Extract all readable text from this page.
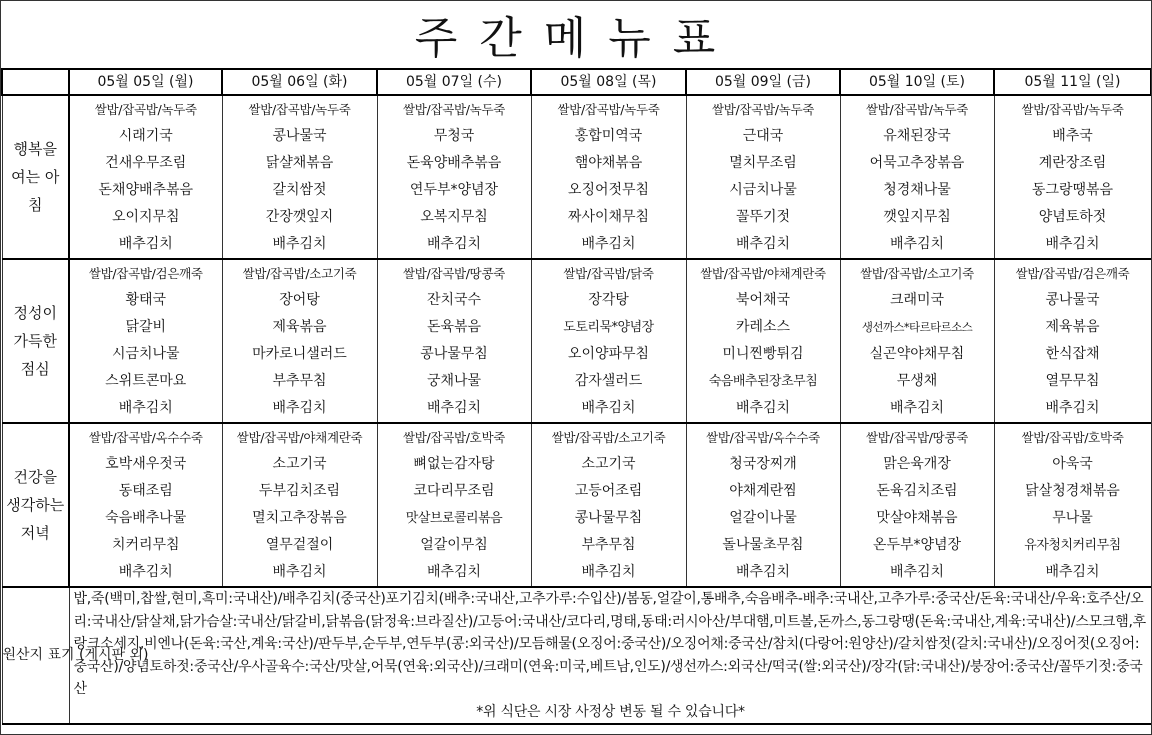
주간메뉴표
	05월 05일 (월)	05월 06일 (화)	05월 07일 (수)	05월 08일 (목)	05월 09일 (금)	05월 10일 (토)	05월 11일 (일)
행복을 여는 아침	쌀밥/잡곡밥/녹두죽	쌀밥/잡곡밥/녹두죽	쌀밥/잡곡밥/녹두죽	쌀밥/잡곡밥/녹두죽	쌀밥/잡곡밥/녹두죽	쌀밥/잡곡밥/녹두죽	쌀밥/잡곡밥/녹두죽
	시래기국	콩나물국	무청국	홍합미역국	근대국	유채된장국	배추국
	건새우무조림	닭샬채볶음	돈육양배추볶음	햄야채볶음	멸치무조림	어묵고추장볶음	계란장조림
	돈채양배추볶음	갈치쌈젓	연두부*양념장	오징어젓무침	시금치나물	청경채나물	동그랑땡볶음
	오이지무침	간장깻잎지	오복지무침	짜사이채무침	꼴뚜기젓	깻잎지무침	양념토하젓
	배추김치	배추김치	배추김치	배추김치	배추김치	배추김치	배추김치
정성이 가득한 점심	쌀밥/잡곡밥/검은깨죽	쌀밥/잡곡밥/소고기죽	쌀밥/잡곡밥/땅콩죽	쌀밥/잡곡밥/닭죽	쌀밥/잡곡밥/야채계란죽	쌀밥/잡곡밥/소고기죽	쌀밥/잡곡밥/검은깨죽
	황태국	장어탕	잔치국수	장각탕	북어채국	크래미국	콩나물국
	닭갈비	제육볶음	돈육볶음	도토리묵*양념장	카레소스	생선까스*타르타르소스	제육볶음
	시금치나물	마카로니샐러드	콩나물무침	오이양파무침	미니찐빵튀김	실곤약야채무침	한식잡채
	스위트콘마요	부추무침	궁채나물	감자샐러드	숙음배추된장초무침	무생채	열무무침
	배추김치	배추김치	배추김치	배추김치	배추김치	배추김치	배추김치
건강을 생각하는 저녁	쌀밥/잡곡밥/옥수수죽	쌀밥/잡곡밥/야채계란죽	쌀밥/잡곡밥/호박죽	쌀밥/잡곡밥/소고기죽	쌀밥/잡곡밥/옥수수죽	쌀밥/잡곡밥/땅콩죽	쌀밥/잡곡밥/호박죽
	호박새우젓국	소고기국	뼈없는감자탕	소고기국	청국장찌개	맑은육개장	아욱국
	동태조림	두부김치조림	코다리무조림	고등어조림	야채계란찜	돈육김치조림	닭살청경채볶음
	숙음배추나물	멸치고추장볶음	맛살브로콜리볶음	콩나물무침	얼갈이나물	맛살야채볶음	무나물
	치커리무침	열무겉절이	얼갈이무침	부추무침	돌나물초무침	온두부*양념장	유자청치커리무침
	배추김치	배추김치	배추김치	배추김치	배추김치	배추김치	배추김치
원산지 표기 (게시판 외)	밥,죽(백미,찹쌀,현미,흑미:국내산)/배추김치(중국산)포기김치(배추:국내산,고추가루:수입산)/봄동,얼갈이,통배추,숙음배추-배추:국내산,고추가루:중국산/돈육:국내산/우육:호주산/오리:국내산/닭살채,닭가슴살:국내산/닭갈비,닭볶음(닭정육:브라질산)/고등어:국내산/코다리,명태,동태:러시아산/부대햄,미트볼,돈까스,동그랑땡(돈육:국내산,계육:국내산)/스모크햄,후랑크소세지,비엔나(돈육:국산,계육:국산)/판두부,순두부,연두부(콩:외국산)/모듬해물(오징어:중국산)/오징어채:중국산/참치(다랑어:원양산)/갈치쌈젓(갈치:국내산)/오징어젓(오징어:중국산)/양념토하젓:중국산/우사골육수:국산/맛살,어묵(연육:외국산)/크래미(연육:미국,베트남,인도)/생선까스:외국산/떡국(쌀:외국산)/장각(닭:국내산)/붕장어:중국산/꼴뚜기젓:중국산
*위 식단은 시장 사정상 변동 될 수 있습니다*						
